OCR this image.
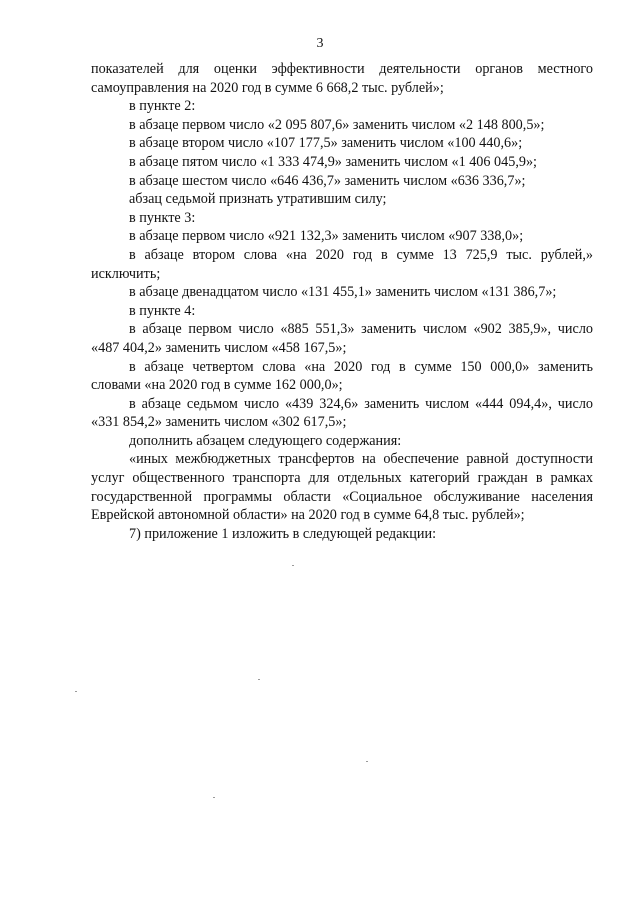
3
показателей для оценки эффективности деятельности органов местного
самоуправления на 2020 год в сумме 6 668,2 тыс. рублей»;
в пункте 2:
в абзаце первом число «2 095 807,6» заменить числом «2 148 800,5»;
в абзаце втором число «107 177,5» заменить числом «100 440,6»;
в абзаце пятом число «1 333 474,9» заменить числом «1 406 045,9»;
в абзаце шестом число «646 436,7» заменить числом «636 336,7»;
абзац седьмой признать утратившим силу;
в пункте 3:
в абзаце первом число «921 132,3» заменить числом «907 338,0»;
в абзаце втором слова «на 2020 год в сумме 13 725,9 тыс. рублей,»
исключить;
в абзаце двенадцатом число «131 455,1» заменить числом «131 386,7»;
в пункте 4:
в абзаце первом число «885 551,3» заменить числом «902 385,9», число
«487 404,2» заменить числом «458 167,5»;
в абзаце четвертом слова «на 2020 год в сумме 150 000,0» заменить
словами «на 2020 год в сумме 162 000,0»;
в абзаце седьмом число «439 324,6» заменить числом «444 094,4», число
«331 854,2» заменить числом «302 617,5»;
дополнить абзацем следующего содержания:
«иных межбюджетных трансфертов на обеспечение равной доступности
услуг общественного транспорта для отдельных категорий граждан в рамках
государственной программы области «Социальное обслуживание населения
Еврейской автономной области» на 2020 год в сумме 64,8 тыс. рублей»;
7) приложение 1 изложить в следующей редакции:
